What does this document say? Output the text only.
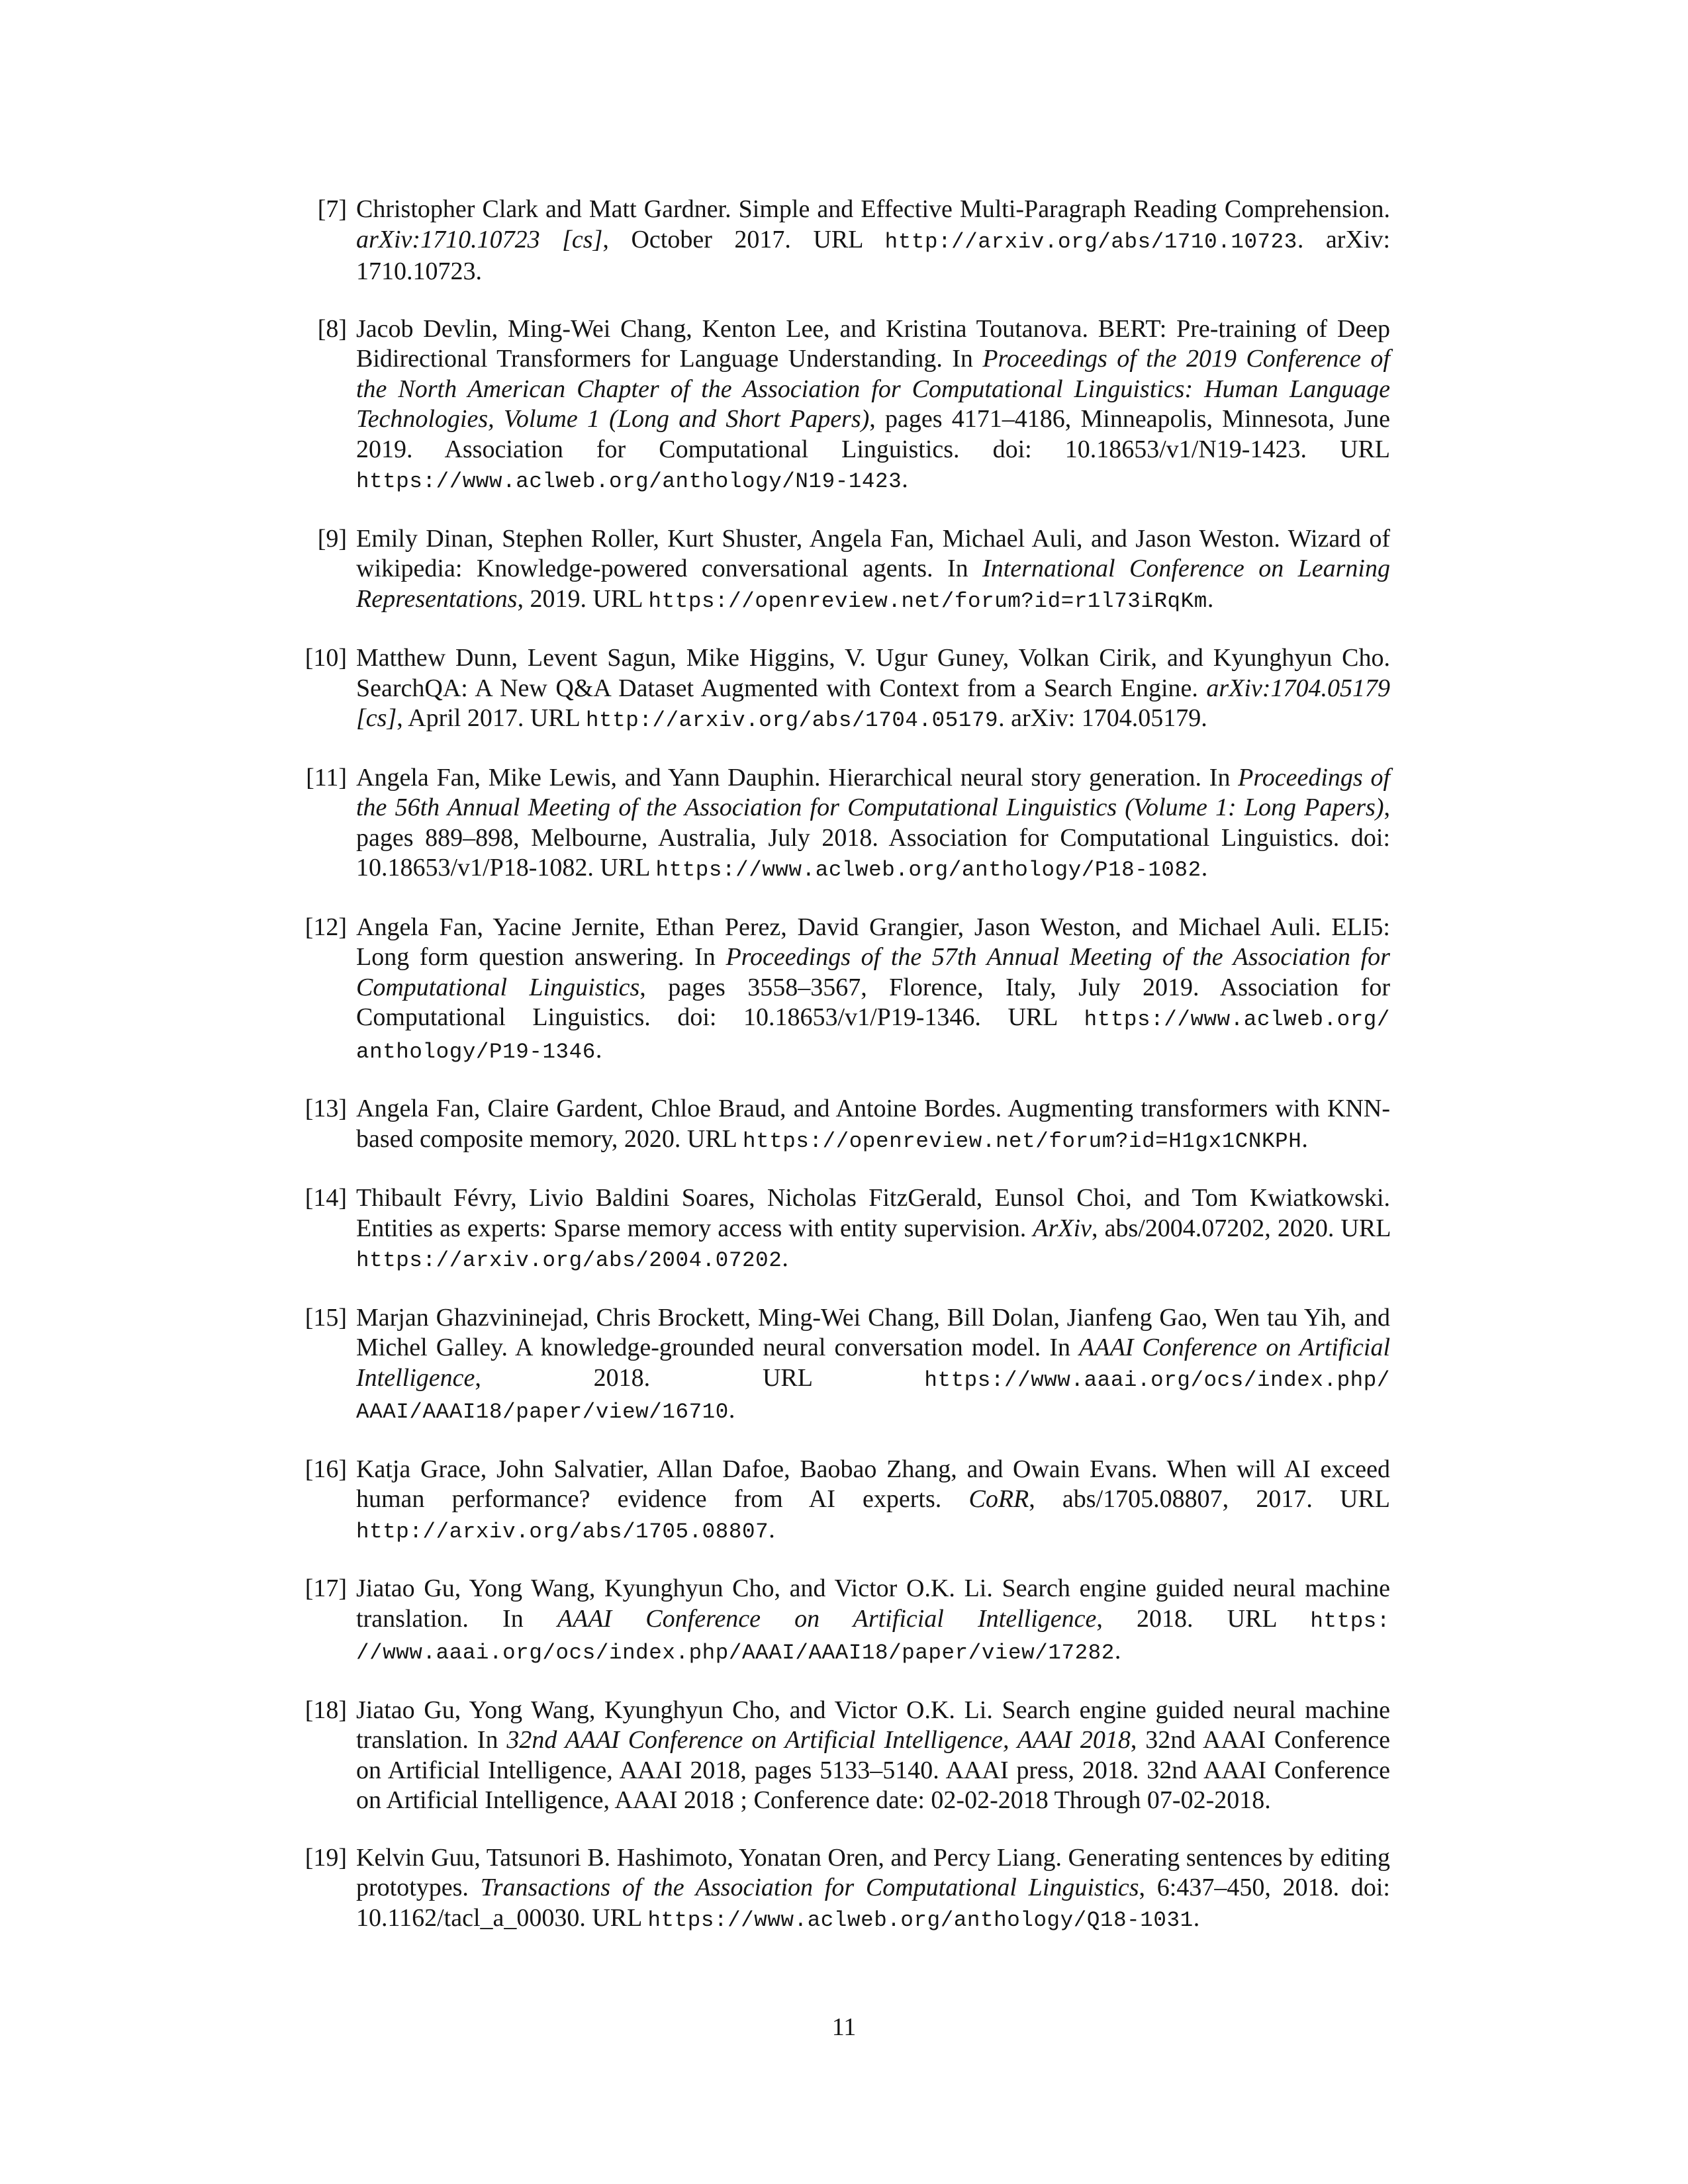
[7] Christopher Clark and Matt Gardner. Simple and Effective Multi-Paragraph Reading Comprehension. arXiv:1710.10723 [cs], October 2017. URL http://arxiv.org/abs/1710.10723. arXiv: 1710.10723.
[8] Jacob Devlin, Ming-Wei Chang, Kenton Lee, and Kristina Toutanova. BERT: Pre-training of Deep Bidirectional Transformers for Language Understanding. In Proceedings of the 2019 Conference of the North American Chapter of the Association for Computational Linguistics: Human Language Technologies, Volume 1 (Long and Short Papers), pages 4171–4186, Minneapolis, Minnesota, June 2019. Association for Computational Linguistics. doi: 10.18653/v1/N19-1423. URL https://www.aclweb.org/anthology/N19-1423.
[9] Emily Dinan, Stephen Roller, Kurt Shuster, Angela Fan, Michael Auli, and Jason Weston. Wizard of wikipedia: Knowledge-powered conversational agents. In International Conference on Learning Representations, 2019. URL https://openreview.net/forum?id=r1l73iRqKm.
[10] Matthew Dunn, Levent Sagun, Mike Higgins, V. Ugur Guney, Volkan Cirik, and Kyunghyun Cho. SearchQA: A New Q&A Dataset Augmented with Context from a Search Engine. arXiv:1704.05179 [cs], April 2017. URL http://arxiv.org/abs/1704.05179. arXiv: 1704.05179.
[11] Angela Fan, Mike Lewis, and Yann Dauphin. Hierarchical neural story generation. In Proceedings of the 56th Annual Meeting of the Association for Computational Linguistics (Volume 1: Long Papers), pages 889–898, Melbourne, Australia, July 2018. Association for Computational Linguistics. doi: 10.18653/v1/P18-1082. URL https://www.aclweb.org/anthology/​P18-1082.
[12] Angela Fan, Yacine Jernite, Ethan Perez, David Grangier, Jason Weston, and Michael Auli. ELI5: Long form question answering. In Proceedings of the 57th Annual Meeting of the Association for Computational Linguistics, pages 3558–3567, Florence, Italy, July 2019. Association for Computational Linguistics. doi: 10.18653/v1/P19-1346. URL https://www.aclweb.org/​anthology/P19-1346.
[13] Angela Fan, Claire Gardent, Chloe Braud, and Antoine Bordes. Augmenting transformers with KNN-based composite memory, 2020. URL https://openreview.net/forum?id=​H1gx1CNKPH.
[14] Thibault Févry, Livio Baldini Soares, Nicholas FitzGerald, Eunsol Choi, and Tom Kwiatkowski. Entities as experts: Sparse memory access with entity supervision. ArXiv, abs/2004.07202, 2020. URL https://arxiv.org/abs/2004.07202.
[15] Marjan Ghazvininejad, Chris Brockett, Ming-Wei Chang, Bill Dolan, Jianfeng Gao, Wen tau Yih, and Michel Galley. A knowledge-grounded neural conversation model. In AAAI Conference on Artificial Intelligence, 2018. URL https://www.aaai.org/ocs/index.php/​AAAI/AAAI18/paper/view/16710.
[16] Katja Grace, John Salvatier, Allan Dafoe, Baobao Zhang, and Owain Evans. When will AI exceed human performance? evidence from AI experts. CoRR, abs/1705.08807, 2017. URL http://arxiv.org/abs/1705.08807.
[17] Jiatao Gu, Yong Wang, Kyunghyun Cho, and Victor O.K. Li. Search engine guided neural machine translation. In AAAI Conference on Artificial Intelligence, 2018. URL https:​//www.aaai.org/ocs/index.php/AAAI/AAAI18/paper/view/17282.
[18] Jiatao Gu, Yong Wang, Kyunghyun Cho, and Victor O.K. Li. Search engine guided neural machine translation. In 32nd AAAI Conference on Artificial Intelligence, AAAI 2018, 32nd AAAI Conference on Artificial Intelligence, AAAI 2018, pages 5133–5140. AAAI press, 2018. 32nd AAAI Conference on Artificial Intelligence, AAAI 2018 ; Conference date: 02-02-2018 Through 07-02-2018.
[19] Kelvin Guu, Tatsunori B. Hashimoto, Yonatan Oren, and Percy Liang. Generating sentences by editing prototypes. Transactions of the Association for Computational Linguistics, 6:437–450, 2018. doi: 10.1162/tacl_a_00030. URL https://www.aclweb.org/anthology/Q18-1031.
11
